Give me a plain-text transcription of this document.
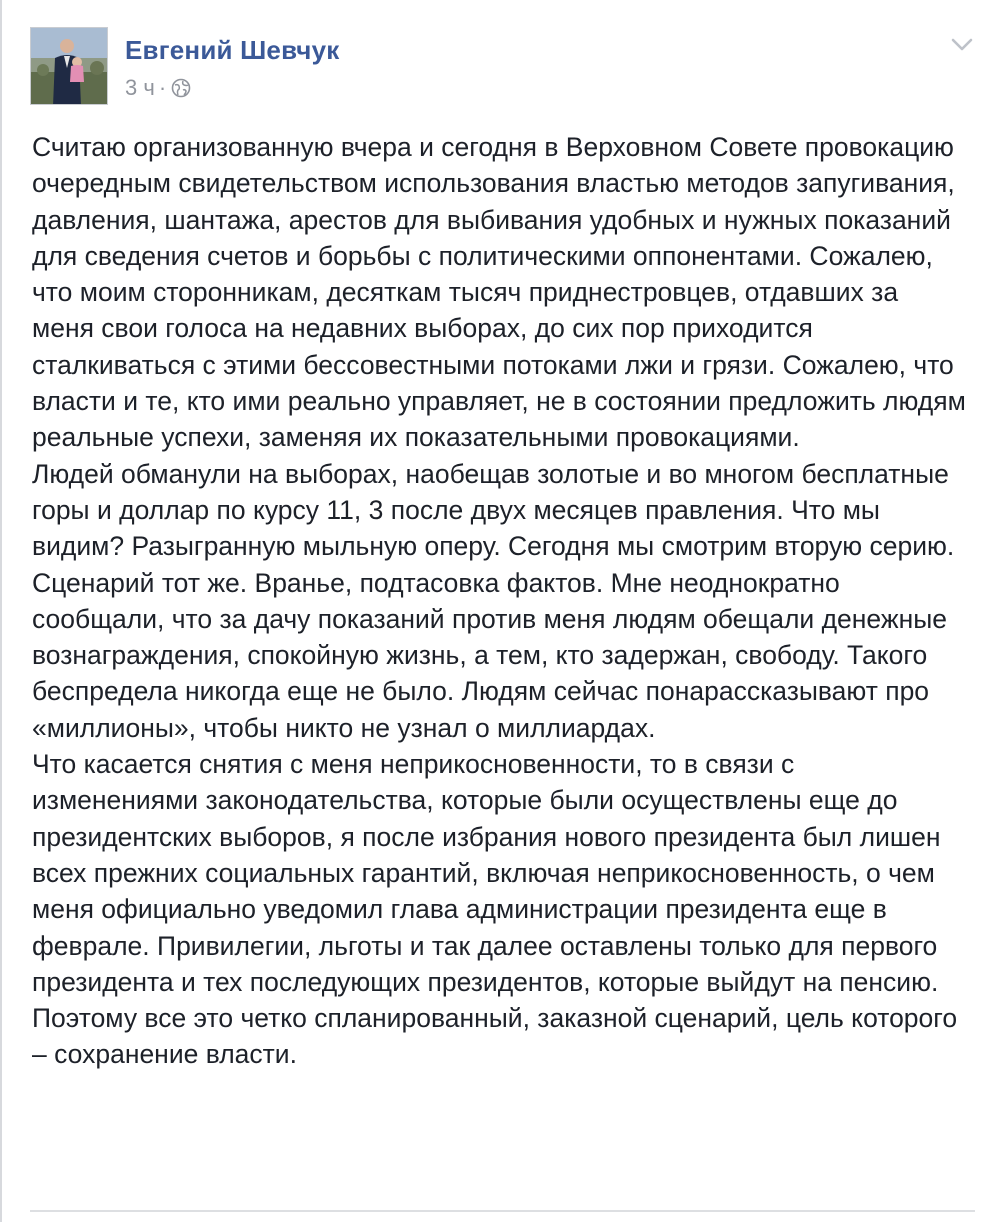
Евгений Шевчук
3 ч ·

Считаю организованную вчера и сегодня в Верховном Совете провокацию очередным свидетельством использования властью методов запугивания, давления, шантажа, арестов для выбивания удобных и нужных показаний для сведения счетов и борьбы с политическими оппонентами. Сожалею, что моим сторонникам, десяткам тысяч приднестровцев, отдавших за меня свои голоса на недавних выборах, до сих пор приходится сталкиваться с этими бессовестными потоками лжи и грязи. Сожалею, что власти и те, кто ими реально управляет, не в состоянии предложить людям реальные успехи, заменяя их показательными провокациями.

Людей обманули на выборах, наобещав золотые и во многом бесплатные горы и доллар по курсу 11, 3 после двух месяцев правления. Что мы видим? Разыгранную мыльную оперу. Сегодня мы смотрим вторую серию. Сценарий тот же. Вранье, подтасовка фактов. Мне неоднократно сообщали, что за дачу показаний против меня людям обещали денежные вознаграждения, спокойную жизнь, а тем, кто задержан, свободу. Такого беспредела никогда еще не было. Людям сейчас понарассказывают про «миллионы», чтобы никто не узнал о миллиардах.

Что касается снятия с меня неприкосновенности, то в связи с изменениями законодательства, которые были осуществлены еще до президентских выборов, я после избрания нового президента был лишен всех прежних социальных гарантий, включая неприкосновенность, о чем меня официально уведомил глава администрации президента еще в феврале. Привилегии, льготы и так далее оставлены только для первого президента и тех последующих президентов, которые выйдут на пенсию. Поэтому все это четко спланированный, заказной сценарий, цель которого – сохранение власти.
